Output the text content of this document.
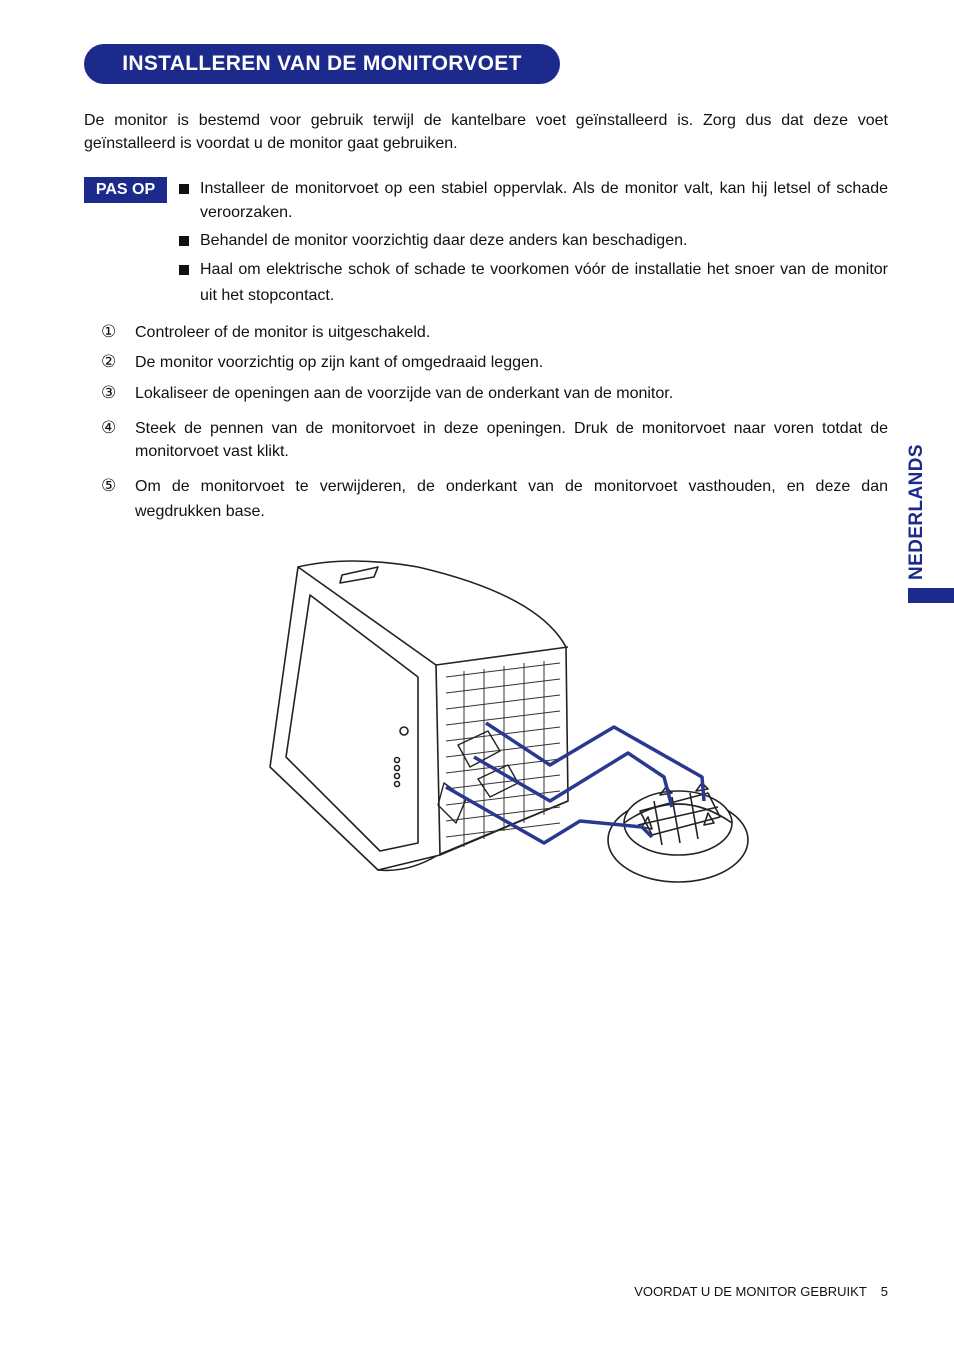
INSTALLEREN VAN DE MONITORVOET
De monitor is bestemd voor gebruik terwijl de kantelbare voet geïnstalleerd is. Zorg dus dat deze voet geïnstalleerd is voordat u de monitor gaat gebruiken.
PAS OP	Installeer de monitorvoet op een stabiel oppervlak. Als de monitor valt, kan hij letsel of schade veroorzaken.
Behandel de monitor voorzichtig daar deze anders kan beschadigen.
Haal om elektrische schok of schade te voorkomen vóór de installatie het snoer van de monitor uit het stopcontact.
① Controleer of de monitor is uitgeschakeld.
② De monitor voorzichtig op zijn kant of omgedraaid leggen.
③ Lokaliseer de openingen aan de voorzijde van de onderkant van de monitor.
④ Steek de pennen van de monitorvoet in deze openingen. Druk de monitorvoet naar voren totdat de monitorvoet vast klikt.
⑤ Om de monitorvoet te verwijderen, de onderkant van de monitorvoet vasthouden, en deze dan wegdrukken base.	NEDERLANDS
VOORDAT U DE MONITOR GEBRUIKT 5
